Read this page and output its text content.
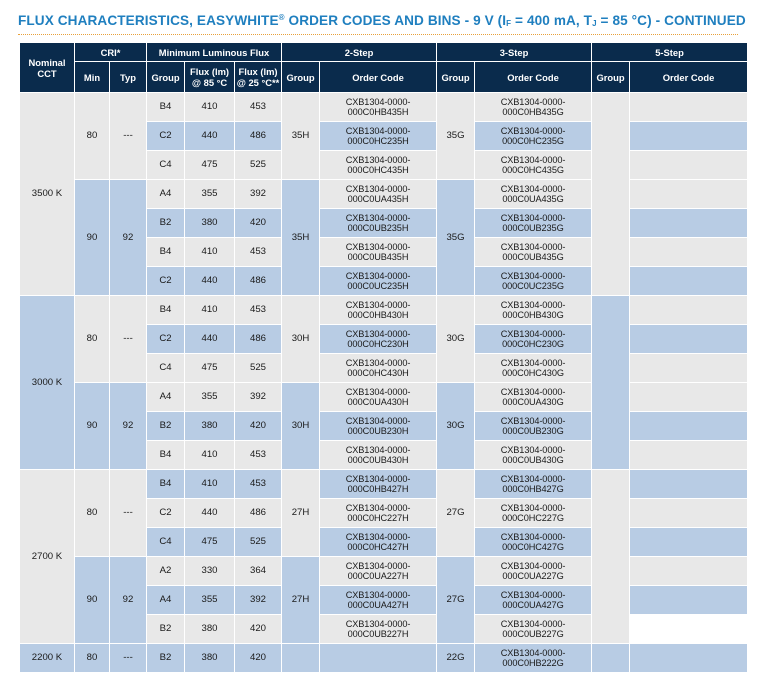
FLUX CHARACTERISTICS, EASYWHITE® ORDER CODES AND BINS - 9 V ($I_F = 400$ mA, $T_J = 85$ °C) - CONTINUED
Nominal CCT	CRI*		Minimum Luminous Flux			2-Step		3-Step		5-Step	
	Min	Typ	Group	Flux (lm) @ 85 °C	Flux (lm) @ 25 °C**	Group	Order Code	Group	Order Code	Group	Order Code
3500 K	80	---	B4	410	453	35H	CXB1304-0000-000C0HB435H	35G	CXB1304-0000-000C0HB435G		
			C2	440	486		CXB1304-0000-000C0HC235H		CXB1304-0000-000C0HC235G		
			C4	475	525		CXB1304-0000-000C0HC435H		CXB1304-0000-000C0HC435G		
	90	92	A4	355	392	35H	CXB1304-0000-000C0UA435H	35G	CXB1304-0000-000C0UA435G		
			B2	380	420		CXB1304-0000-000C0UB235H		CXB1304-0000-000C0UB235G		
			B4	410	453		CXB1304-0000-000C0UB435H		CXB1304-0000-000C0UB435G		
			C2	440	486		CXB1304-0000-000C0UC235H		CXB1304-0000-000C0UC235G		
3000 K	80	---	B4	410	453	30H	CXB1304-0000-000C0HB430H	30G	CXB1304-0000-000C0HB430G		
			C2	440	486		CXB1304-0000-000C0HC230H		CXB1304-0000-000C0HC230G		
			C4	475	525		CXB1304-0000-000C0HC430H		CXB1304-0000-000C0HC430G		
	90	92	A4	355	392	30H	CXB1304-0000-000C0UA430H	30G	CXB1304-0000-000C0UA430G		
			B2	380	420		CXB1304-0000-000C0UB230H		CXB1304-0000-000C0UB230G		
			B4	410	453		CXB1304-0000-000C0UB430H		CXB1304-0000-000C0UB430G		
2700 K	80	---	B4	410	453	27H	CXB1304-0000-000C0HB427H	27G	CXB1304-0000-000C0HB427G		
			C2	440	486		CXB1304-0000-000C0HC227H		CXB1304-0000-000C0HC227G		
			C4	475	525		CXB1304-0000-000C0HC427H		CXB1304-0000-000C0HC427G		
	90	92	A2	330	364	27H	CXB1304-0000-000C0UA227H	27G	CXB1304-0000-000C0UA227G		
			A4	355	392		CXB1304-0000-000C0UA427H		CXB1304-0000-000C0UA427G		
			B2	380	420		CXB1304-0000-000C0UB227H		CXB1304-0000-000C0UB227G		
2200 K	80	---	B2	380	420			22G	CXB1304-0000-000C0HB222G		
